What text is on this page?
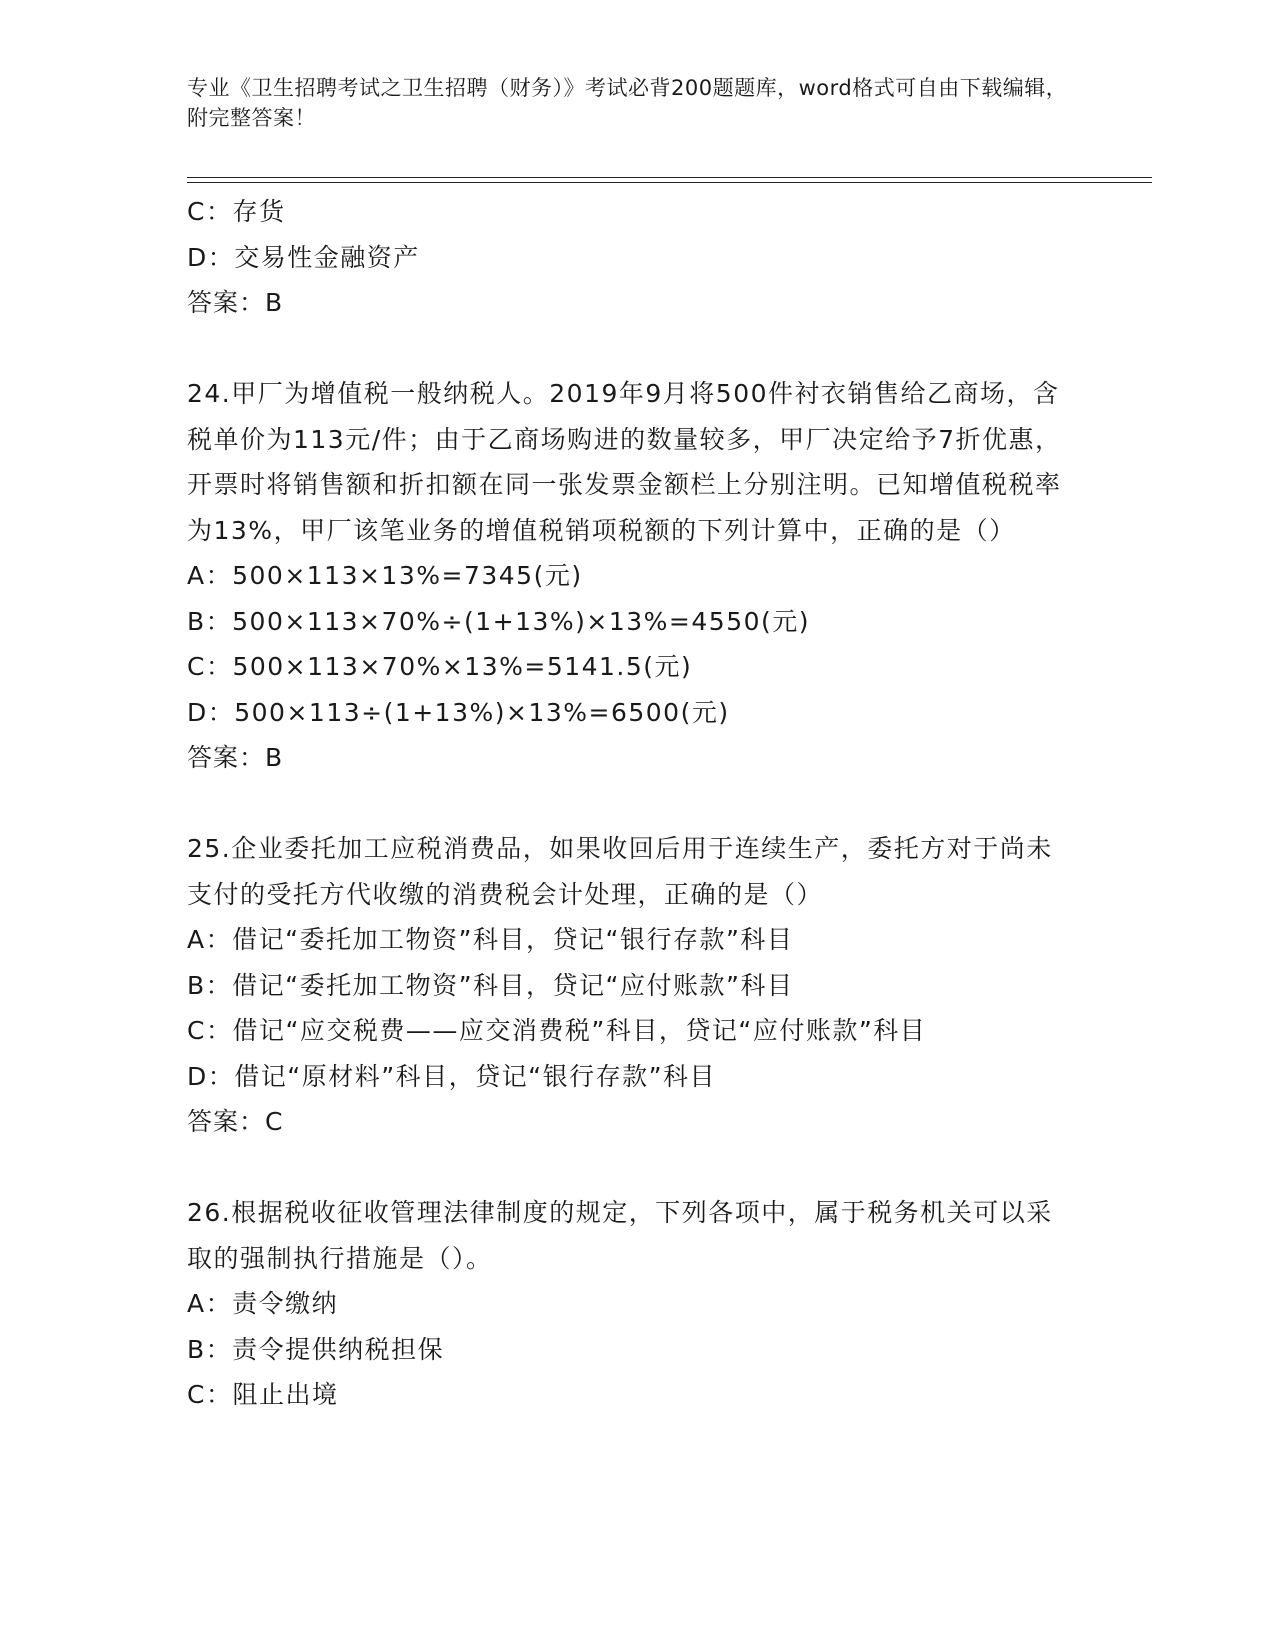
专业《卫生招聘考试之卫生招聘（财务）》考试必背200题题库，word格式可自由下载编辑，附完整答案！
C：存货
D：交易性金融资产
答案：B
24.甲厂为增值税一般纳税人。2019年9月将500件衬衣销售给乙商场，含税单价为113元/件；由于乙商场购进的数量较多，甲厂决定给予7折优惠，开票时将销售额和折扣额在同一张发票金额栏上分别注明。已知增值税税率为13%，甲厂该笔业务的增值税销项税额的下列计算中，正确的是（）
A：500×113×13%=7345(元)
B：500×113×70%÷(1+13%)×13%=4550(元)
C：500×113×70%×13%=5141.5(元)
D：500×113÷(1+13%)×13%=6500(元)
答案：B
25.企业委托加工应税消费品，如果收回后用于连续生产，委托方对于尚未支付的受托方代收缴的消费税会计处理，正确的是（）
A：借记“委托加工物资”科目，贷记“银行存款”科目
B：借记“委托加工物资”科目，贷记“应付账款”科目
C：借记“应交税费——应交消费税”科目，贷记“应付账款”科目
D：借记“原材料”科目，贷记“银行存款”科目
答案：C
26.根据税收征收管理法律制度的规定，下列各项中，属于税务机关可以采取的强制执行措施是（）。
A：责令缴纳
B：责令提供纳税担保
C：阻止出境
